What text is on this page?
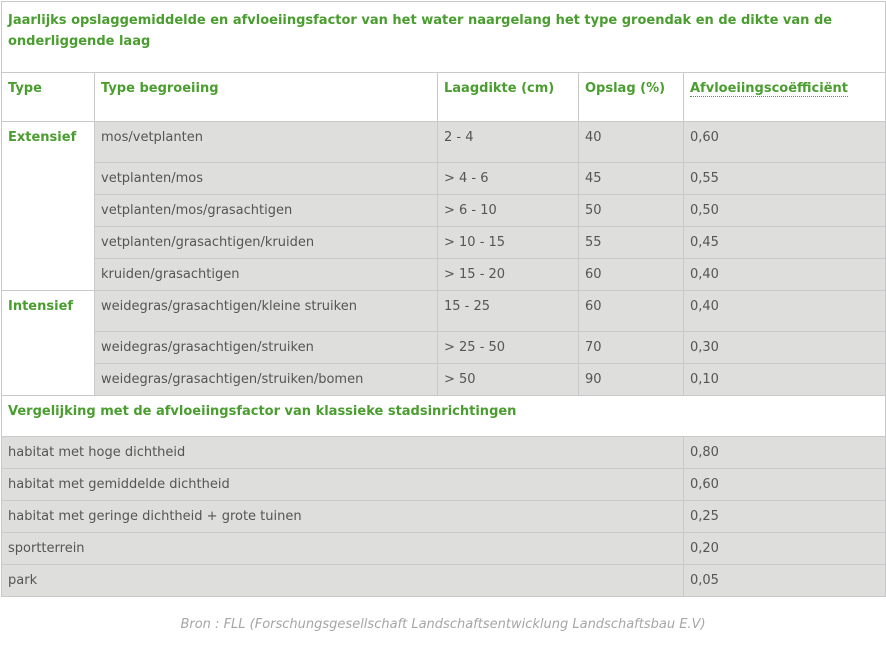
Jaarlijks opslaggemiddelde en afvloeiingsfactor van het water naargelang het type groendak en de dikte van de onderliggende laag				
Type	Type begroeiing	Laagdikte (cm)	Opslag (%)	Afvloeiingscoëfficiënt
Extensief	mos/vetplanten	2 - 4	40	0,60
	vetplanten/mos	> 4 - 6	45	0,55
	vetplanten/mos/grasachtigen	> 6 - 10	50	0,50
	vetplanten/grasachtigen/kruiden	> 10 - 15	55	0,45
	kruiden/grasachtigen	> 15 - 20	60	0,40
Intensief	weidegras/grasachtigen/kleine struiken	15 - 25	60	0,40
	weidegras/grasachtigen/struiken	> 25 - 50	70	0,30
	weidegras/grasachtigen/struiken/bomen	> 50	90	0,10
Vergelijking met de afvloeiingsfactor van klassieke stadsinrichtingen				
habitat met hoge dichtheid				0,80
habitat met gemiddelde dichtheid				0,60
habitat met geringe dichtheid + grote tuinen				0,25
sportterrein				0,20
park				0,05
Bron : FLL (Forschungsgesellschaft Landschaftsentwicklung Landschaftsbau E.V)
